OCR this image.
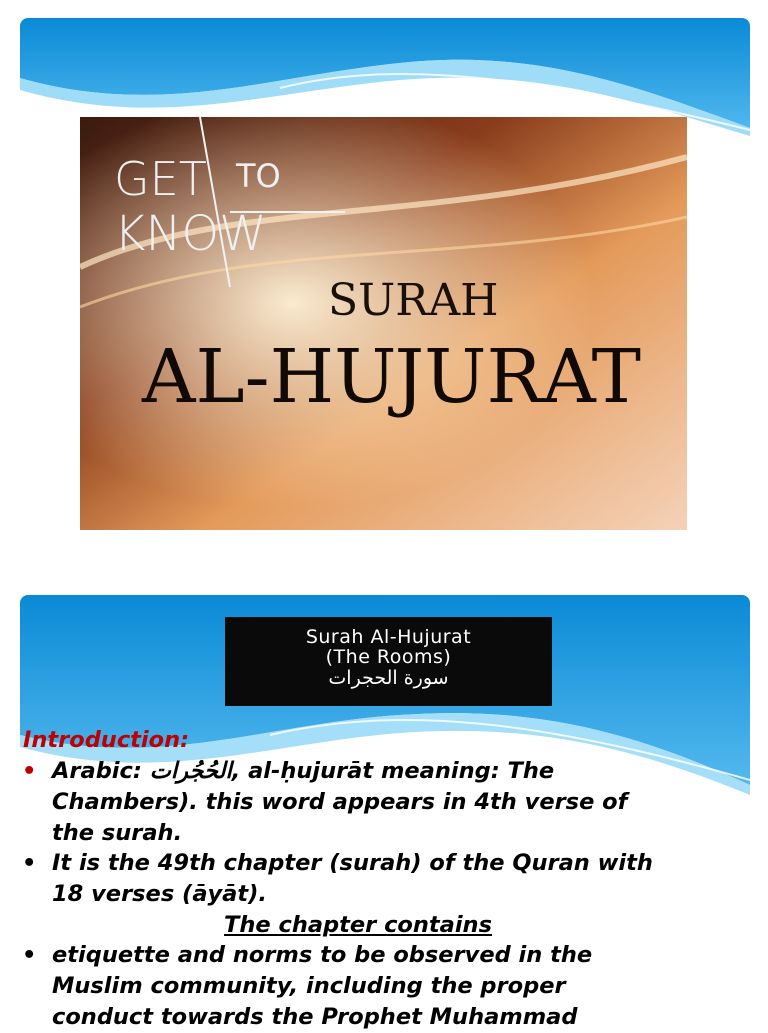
GET TO
KNOW
SURAH
AL-HUJURAT
Surah Al-Hujurat
(The Rooms)
سورة الحجرات
Introduction:
• Arabic: الحُجُرات, al-ḥujurāt meaning: The
Chambers). this word appears in 4th verse of
the surah.
• It is the 49th chapter (surah) of the Quran with
18 verses (āyāt).
The chapter contains
• etiquette and norms to be observed in the
Muslim community, including the proper
conduct towards the Prophet Muhammad
